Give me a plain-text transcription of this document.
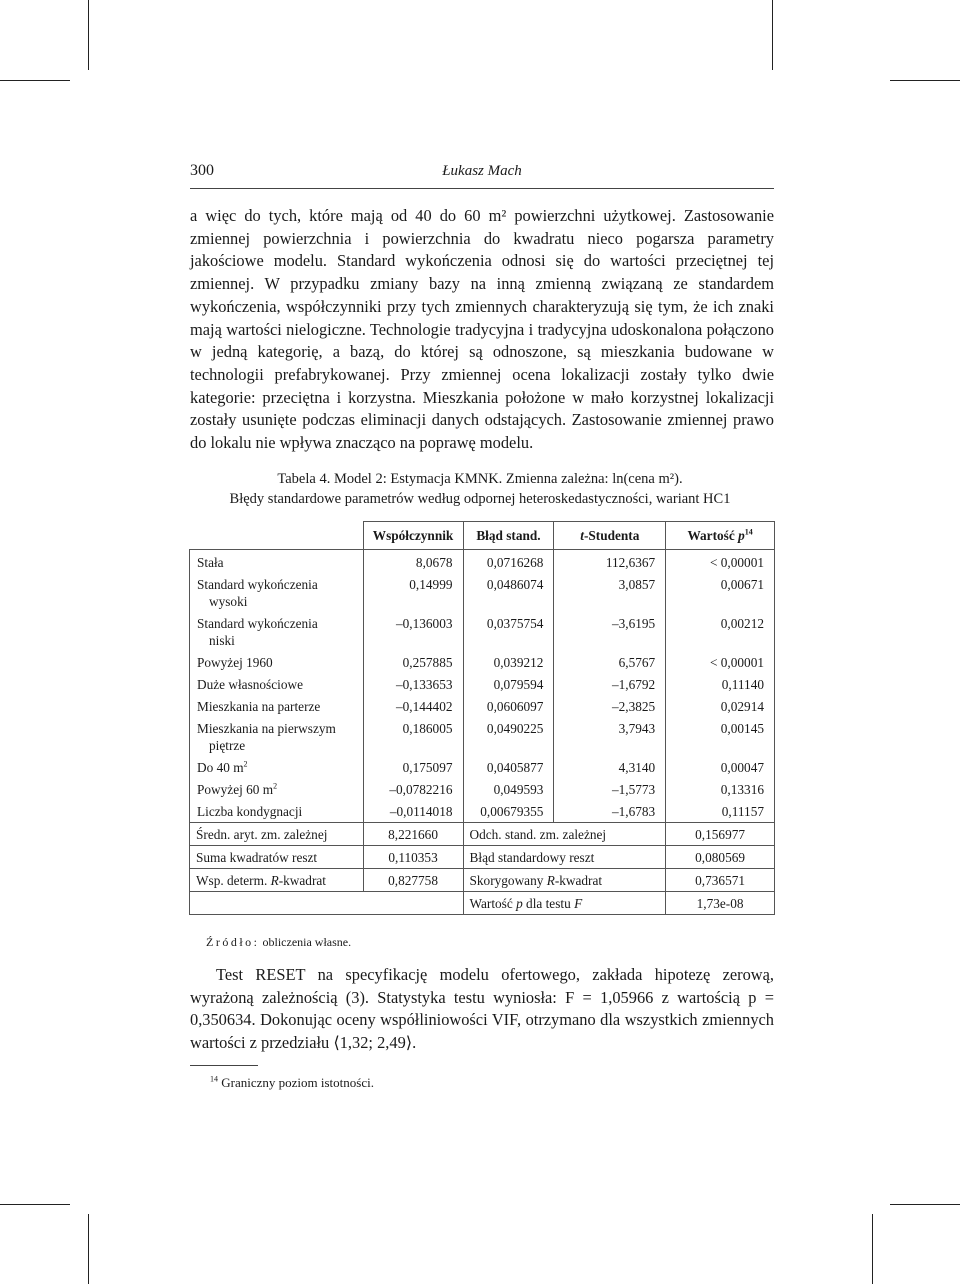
300	Łukasz Mach

a więc do tych, które mają od 40 do 60 m² powierzchni użytkowej. Zastosowanie zmiennej powierzchnia i powierzchnia do kwadratu nieco pogarsza parametry jakościowe modelu. Standard wykończenia odnosi się do wartości przeciętnej tej zmiennej. W przypadku zmiany bazy na inną zmienną związaną ze standardem wykończenia, współczynniki przy tych zmiennych charakteryzują się tym, że ich znaki mają wartości nielogiczne. Technologie tradycyjna i tradycyjna udoskonalona połączono w jedną kategorię, a bazą, do której są odnoszone, są mieszkania budowane w technologii prefabrykowanej. Przy zmiennej ocena lokalizacji zostały tylko dwie kategorie: przeciętna i korzystna. Mieszkania położone w mało korzystnej lokalizacji zostały usunięte podczas eliminacji danych odstających. Zastosowanie zmiennej prawo do lokalu nie wpływa znacząco na poprawę modelu.

Tabela 4. Model 2: Estymacja KMNK. Zmienna zależna: ln(cena m²).

Błędy standardowe parametrów według odpornej heteroskedastyczności, wariant HC1

	Współczynnik	Błąd stand.	t-Studenta	Wartość $p^{14}$
Stała	8,0678	0,0716268	112,6367	< 0,00001
Standard wykończenia
wysoki	0,14999	0,0486074	3,0857	0,00671
Standard wykończenia
niski	–0,136003	0,0375754	–3,6195	0,00212
Powyżej 1960	0,257885	0,039212	6,5767	< 0,00001
Duże własnościowe	–0,133653	0,079594	–1,6792	0,11140
Mieszkania na parterze	–0,144402	0,0606097	–2,3825	0,02914
Mieszkania na pierwszym
piętrze	0,186005	0,0490225	3,7943	0,00145
Do 40 $m^2$	0,175097	0,0405877	4,3140	0,00047
Powyżej 60 $m^2$	–0,0782216	0,049593	–1,5773	0,13316
Liczba kondygnacji	–0,0114018	0,00679355	–1,6783	0,11157
Średn. aryt. zm. zależnej	8,221660	Odch. stand. zm. zależnej		0,156977
Suma kwadratów reszt	0,110353	Błąd standardowy reszt		0,080569
Wsp. determ. R-kwadrat	0,827758	Skorygowany R-kwadrat		0,736571
		Wartość p dla testu F		1,73e-08
Źródło: obliczenia własne.

Test RESET na specyfikację modelu ofertowego, zakłada hipotezę zerową, wyrażoną zależnością (3). Statystyka testu wyniosła: F = 1,05966 z wartością p = 0,350634. Dokonując oceny współliniowości VIF, otrzymano dla wszystkich zmiennych wartości z przedziału ⟨1,32; 2,49⟩.

$^{14}$ Graniczny poziom istotności.
